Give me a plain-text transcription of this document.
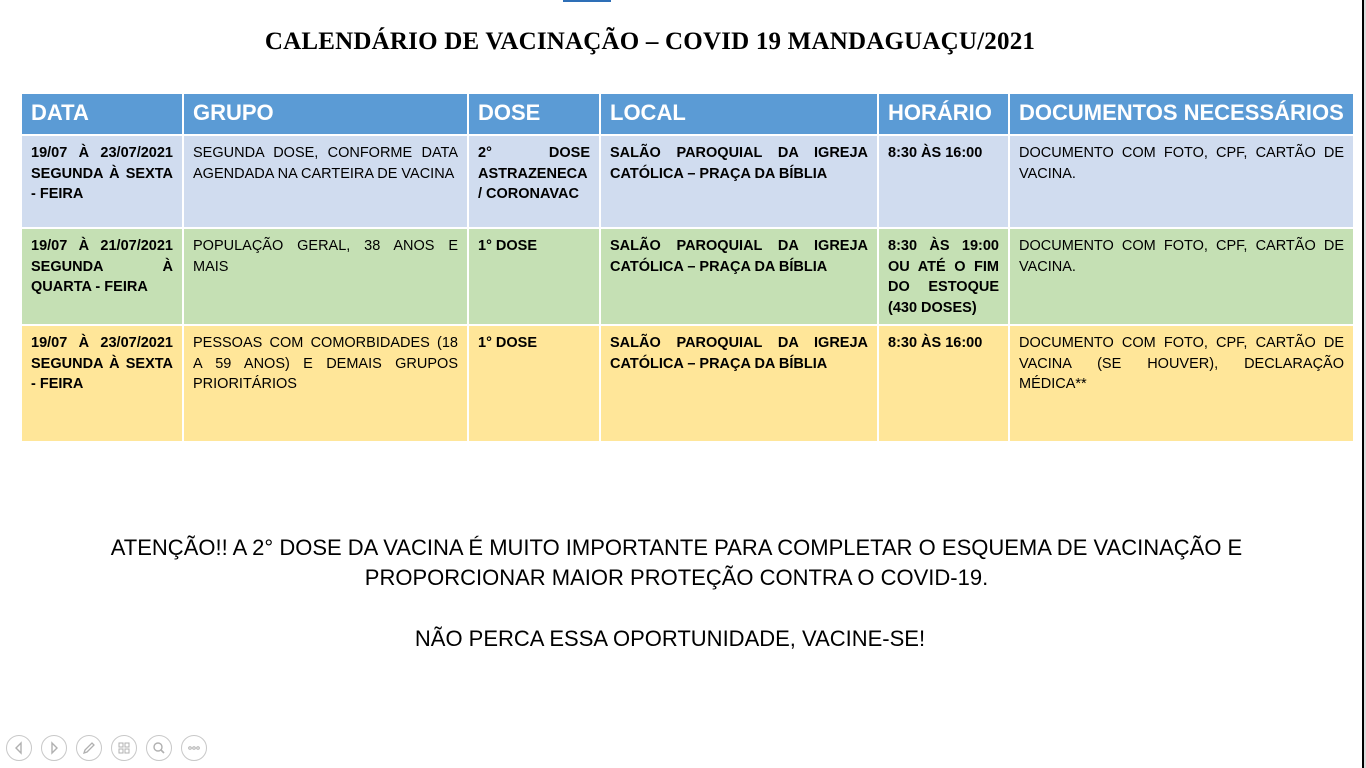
CALENDÁRIO DE VACINAÇÃO – COVID 19 MANDAGUAÇU/2021
DATA	GRUPO	DOSE	LOCAL	HORÁRIO	DOCUMENTOS NECESSÁRIOS
19/07 À 23/07/2021 SEGUNDA À SEXTA - FEIRA	SEGUNDA DOSE, CONFORME DATA AGENDADA NA CARTEIRA DE VACINA	2° DOSE ASTRAZENECA / CORONAVAC	SALÃO PAROQUIAL DA IGREJA CATÓLICA – PRAÇA DA BÍBLIA	8:30 ÀS 16:00	DOCUMENTO COM FOTO, CPF, CARTÃO DE VACINA.
19/07 À 21/07/2021 SEGUNDA À QUARTA - FEIRA	POPULAÇÃO GERAL, 38 ANOS E MAIS	1° DOSE	SALÃO PAROQUIAL DA IGREJA CATÓLICA – PRAÇA DA BÍBLIA	8:30 ÀS 19:00 OU ATÉ O FIM DO ESTOQUE (430 DOSES)	DOCUMENTO COM FOTO, CPF, CARTÃO DE VACINA.
19/07 À 23/07/2021 SEGUNDA À SEXTA - FEIRA	PESSOAS COM COMORBIDADES (18 A 59 ANOS) E DEMAIS GRUPOS PRIORITÁRIOS	1° DOSE	SALÃO PAROQUIAL DA IGREJA CATÓLICA – PRAÇA DA BÍBLIA	8:30 ÀS 16:00	DOCUMENTO COM FOTO, CPF, CARTÃO DE VACINA (SE HOUVER), DECLARAÇÃO MÉDICA**
ATENÇÃO!! A 2° DOSE DA VACINA É MUITO IMPORTANTE PARA COMPLETAR O ESQUEMA DE VACINAÇÃO E PROPORCIONAR MAIOR PROTEÇÃO CONTRA O COVID-19.
NÃO PERCA ESSA OPORTUNIDADE, VACINE-SE!
